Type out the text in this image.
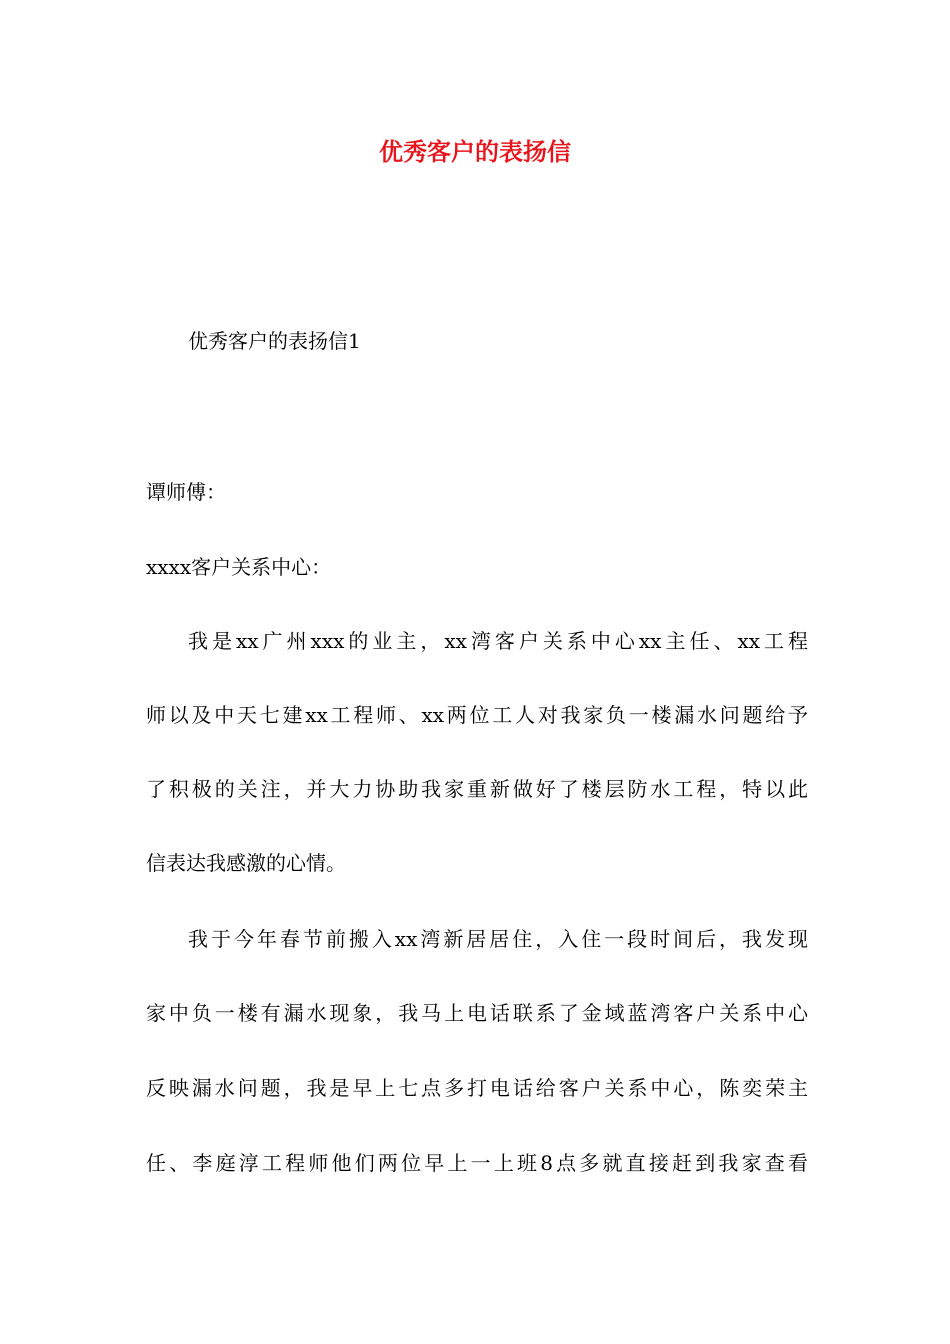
优秀客户的表扬信
优秀客户的表扬信1
谭师傅：
xxxx客户关系中心：
我是xx广州xxx的业主，xx湾客户关系中心xx主任、xx工程
师以及中天七建xx工程师、xx两位工人对我家负一楼漏水问题给予
了积极的关注，并大力协助我家重新做好了楼层防水工程，特以此
信表达我感激的心情。
我于今年春节前搬入xx湾新居居住，入住一段时间后，我发现
家中负一楼有漏水现象，我马上电话联系了金域蓝湾客户关系中心
反映漏水问题，我是早上七点多打电话给客户关系中心，陈奕荣主
任、李庭淳工程师他们两位早上一上班8点多就直接赶到我家查看
